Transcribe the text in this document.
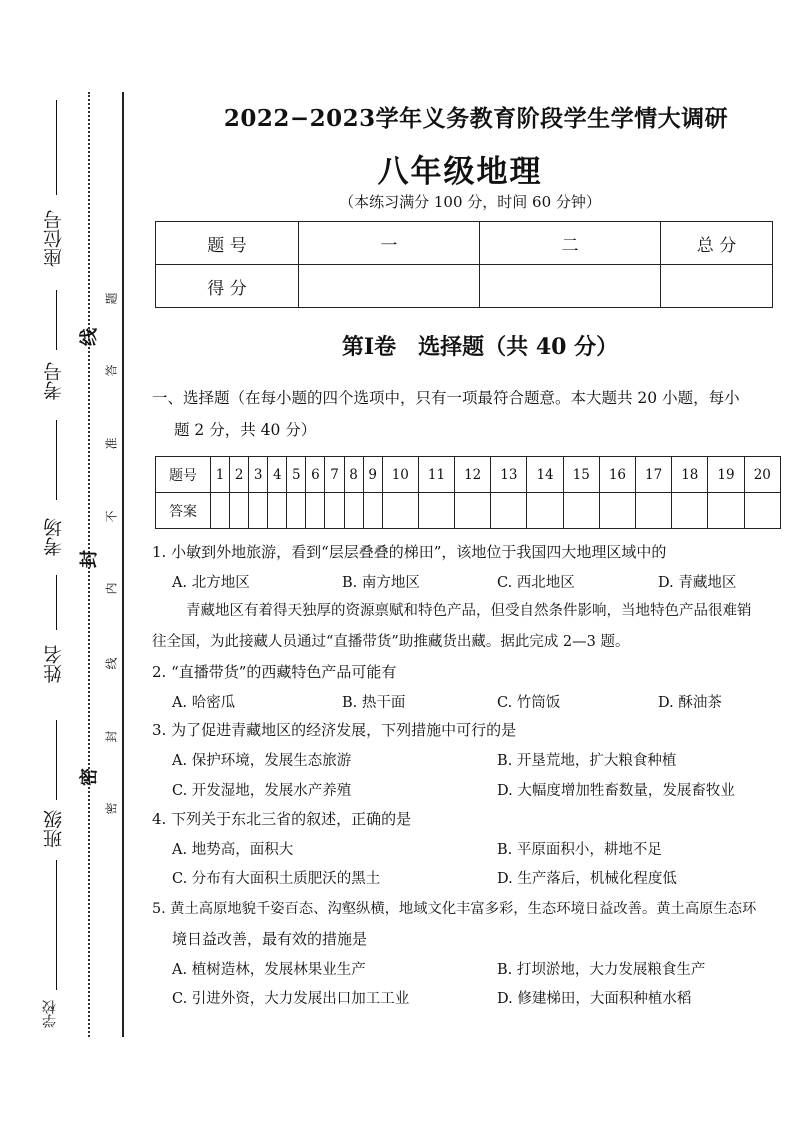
座位号
考号
考场
姓名
班级
学校
线
封
密
题
答
准
不
内
线
封
密
2022−2023学年义务教育阶段学生学情大调研
八年级地理
（本练习满分 100 分，时间 60 分钟）
题 号	一	二	总 分
得 分			
第Ⅰ卷　选择题（共 40 分）
一、选择题（在每小题的四个选项中，只有一项最符合题意。本大题共 20 小题，每小
题 2 分，共 40 分）
题号	1	2	3	4	5	6	7	8	9	10	11	12	13	14	15	16	17	18	19	20
答案																				
1. 小敏到外地旅游，看到“层层叠叠的梯田”，该地位于我国四大地理区域中的
A. 北方地区	B. 南方地区	C. 西北地区	D. 青藏地区
青藏地区有着得天独厚的资源禀赋和特色产品，但受自然条件影响，当地特色产品很难销
往全国，为此接藏人员通过“直播带货”助推藏货出藏。据此完成 2—3 题。
2. “直播带货”的西藏特色产品可能有
A. 哈密瓜	B. 热干面	C. 竹筒饭	D. 酥油茶
3. 为了促进青藏地区的经济发展，下列措施中可行的是
A. 保护环境，发展生态旅游	B. 开垦荒地，扩大粮食种植
C. 开发湿地，发展水产养殖	D. 大幅度增加牲畜数量，发展畜牧业
4. 下列关于东北三省的叙述，正确的是
A. 地势高，面积大	B. 平原面积小，耕地不足
C. 分布有大面积土质肥沃的黑土	D. 生产落后，机械化程度低
5. 黄土高原地貌千姿百态、沟壑纵横，地域文化丰富多彩，生态环境日益改善。黄土高原生态环
境日益改善，最有效的措施是
A. 植树造林，发展林果业生产	B. 打坝淤地，大力发展粮食生产
C. 引进外资，大力发展出口加工工业	D. 修建梯田，大面积种植水稻
